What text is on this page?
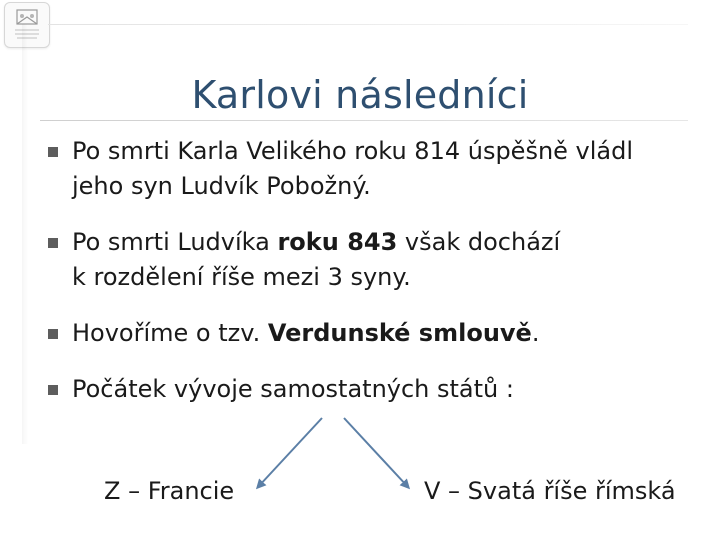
Karlovi následníci
Po smrti Karla Velikého roku 814 úspěšně vládl
jeho syn Ludvík Pobožný.
Po smrti Ludvíka roku 843 však dochází
k rozdělení říše mezi 3 syny.
Hovoříme o tzv. Verdunské smlouvě.
Počátek vývoje samostatných států :
Z – Francie	V – Svatá říše římská
